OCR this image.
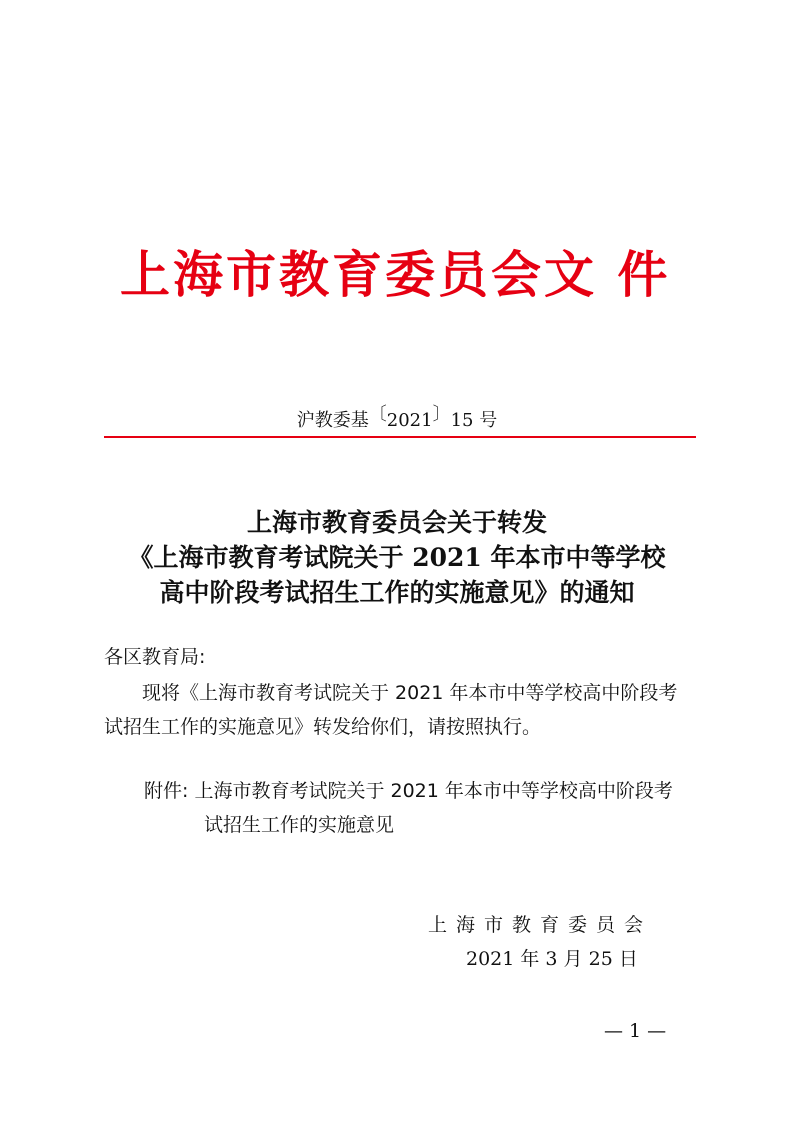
上海市教育委员会文 件
沪教委基〔2021〕15 号
上海市教育委员会关于转发
《上海市教育考试院关于 2021 年本市中等学校
高中阶段考试招生工作的实施意见》的通知
各区教育局:
现将《上海市教育考试院关于 2021 年本市中等学校高中阶段考
试招生工作的实施意见》转发给你们，请按照执行。
附件: 上海市教育考试院关于 2021 年本市中等学校高中阶段考
试招生工作的实施意见
上海市教育委员会
2021 年 3 月 25 日
— 1 —
